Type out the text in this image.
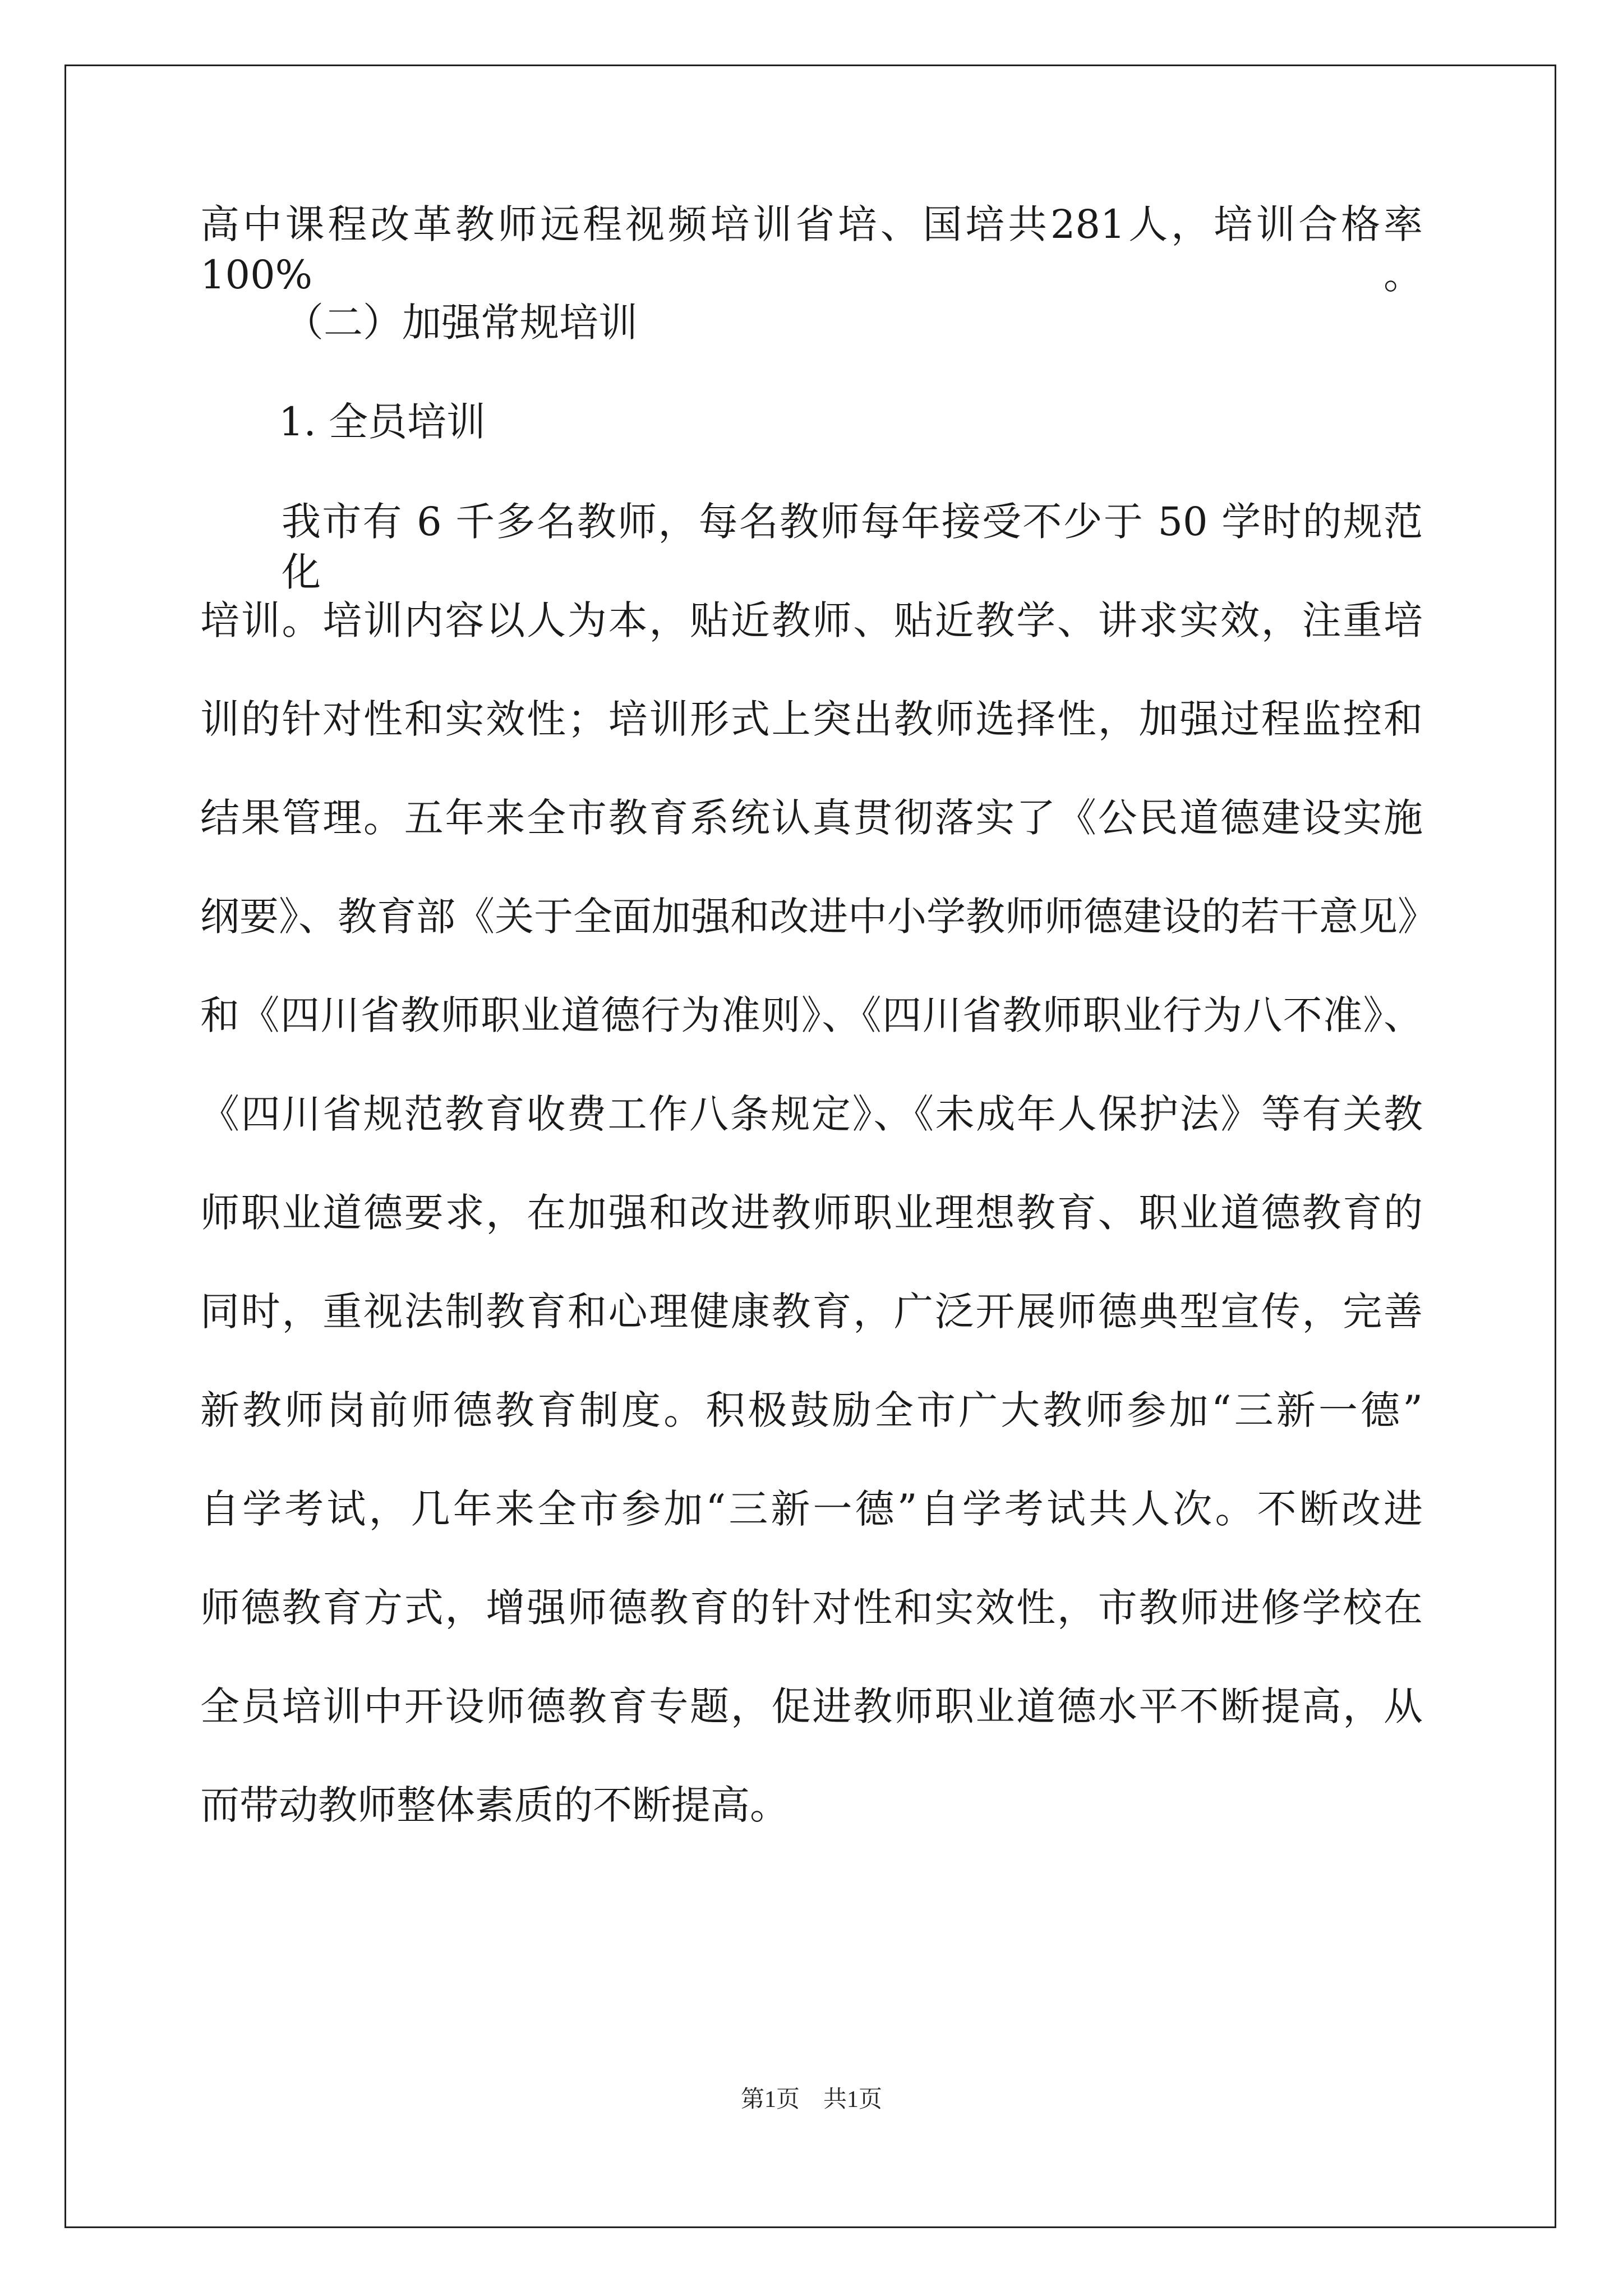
高中课程改革教师远程视频培训省培、国培共281人，培训合格率100%。
（二）加强常规培训
1. 全员培训
我市有 6 千多名教师，每名教师每年接受不少于 50 学时的规范化
培训。培训内容以人为本，贴近教师、贴近教学、讲求实效，注重培
训的针对性和实效性；培训形式上突出教师选择性，加强过程监控和
结果管理。五年来全市教育系统认真贯彻落实了《公民道德建设实施
纲要》、教育部《关于全面加强和改进中小学教师师德建设的若干意见》
和《四川省教师职业道德行为准则》、《四川省教师职业行为八不准》、
《四川省规范教育收费工作八条规定》、《未成年人保护法》等有关教
师职业道德要求，在加强和改进教师职业理想教育、职业道德教育的
同时，重视法制教育和心理健康教育，广泛开展师德典型宣传，完善
新教师岗前师德教育制度。积极鼓励全市广大教师参加“三新一德”
自学考试，几年来全市参加“三新一德”自学考试共人次。不断改进
师德教育方式，增强师德教育的针对性和实效性，市教师进修学校在
全员培训中开设师德教育专题，促进教师职业道德水平不断提高，从
而带动教师整体素质的不断提高。
第1页　共1页
